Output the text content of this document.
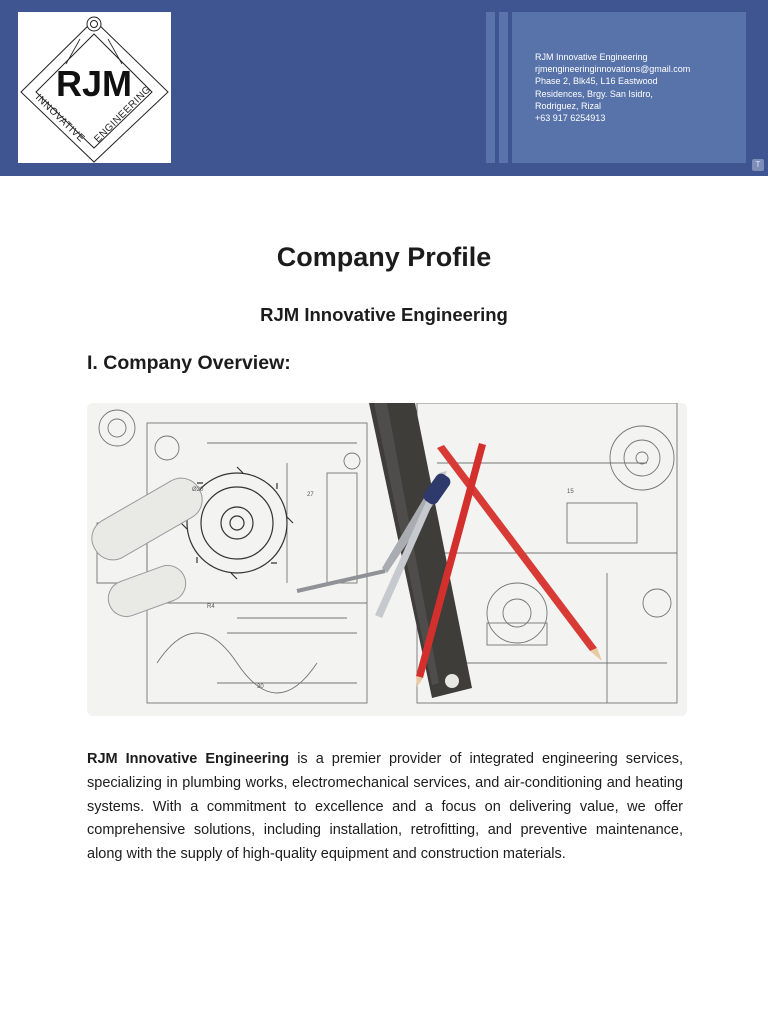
RJM
INNOVATIVE ENGINEERING
RJM Innovative Engineering
rjmengineeringinnovations@gmail.com
Phase 2, Blk45, L16 Eastwood
Residences, Brgy. San Isidro,
Rodriguez, Rizal
+63 917 6254913
T
Company Profile
RJM Innovative Engineering
I. Company Overview:
Ø20
27	15
R4
30
RJM Innovative Engineering is a premier provider of integrated engineering services, specializing in plumbing works, electromechanical services, and air-conditioning and heating systems. With a commitment to excellence and a focus on delivering value, we offer comprehensive solutions, including installation, retrofitting, and preventive maintenance, along with the supply of high-quality equipment and construction materials.
